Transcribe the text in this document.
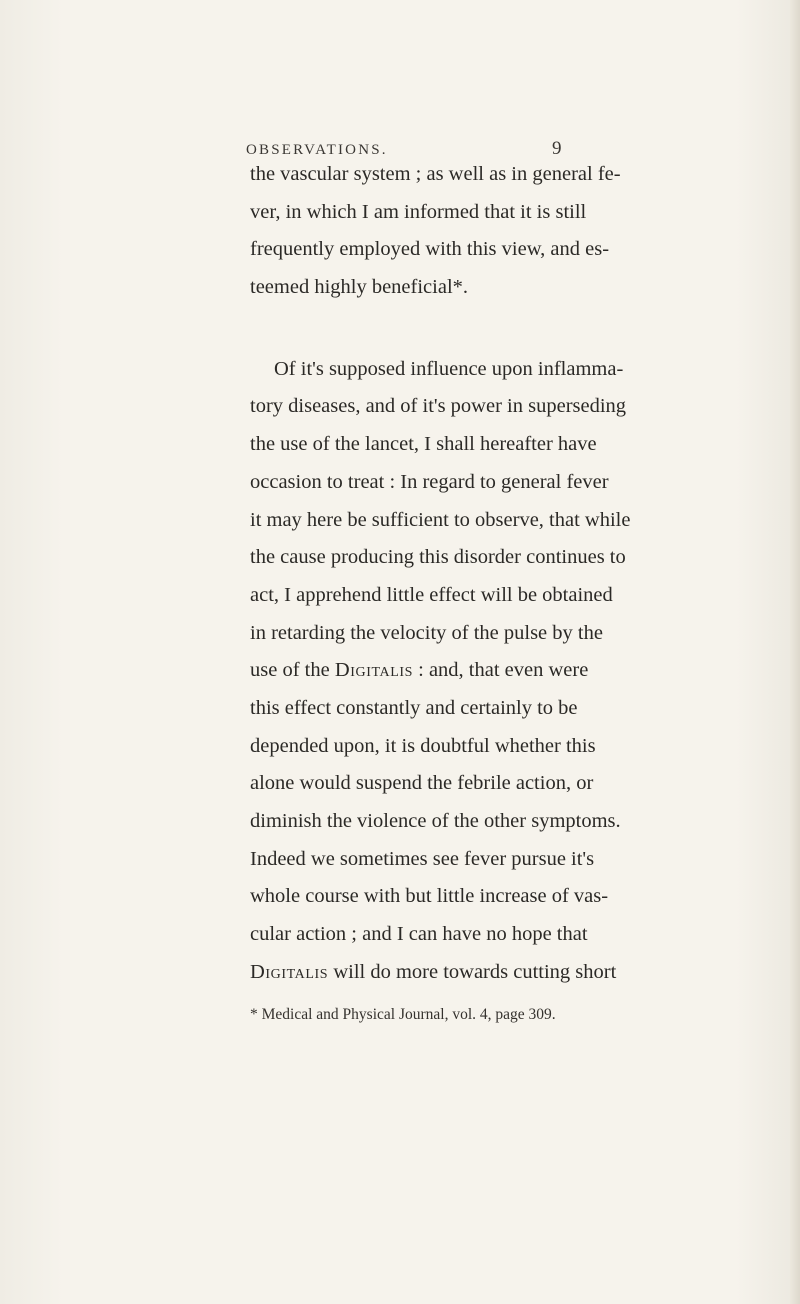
OBSERVATIONS.	9
the vascular system ; as well as in general fe-
ver, in which I am informed that it is still
frequently employed with this view, and es-
teemed highly beneficial*.
Of it's supposed influence upon inflamma-
tory diseases, and of it's power in superseding
the use of the lancet, I shall hereafter have
occasion to treat : In regard to general fever
it may here be sufficient to observe, that while
the cause producing this disorder continues to
act, I apprehend little effect will be obtained
in retarding the velocity of the pulse by the
use of the Digitalis : and, that even were
this effect constantly and certainly to be
depended upon, it is doubtful whether this
alone would suspend the febrile action, or
diminish the violence of the other symptoms.
Indeed we sometimes see fever pursue it's
whole course with but little increase of vas-
cular action ; and I can have no hope that
Digitalis will do more towards cutting short
* Medical and Physical Journal, vol. 4, page 309.
